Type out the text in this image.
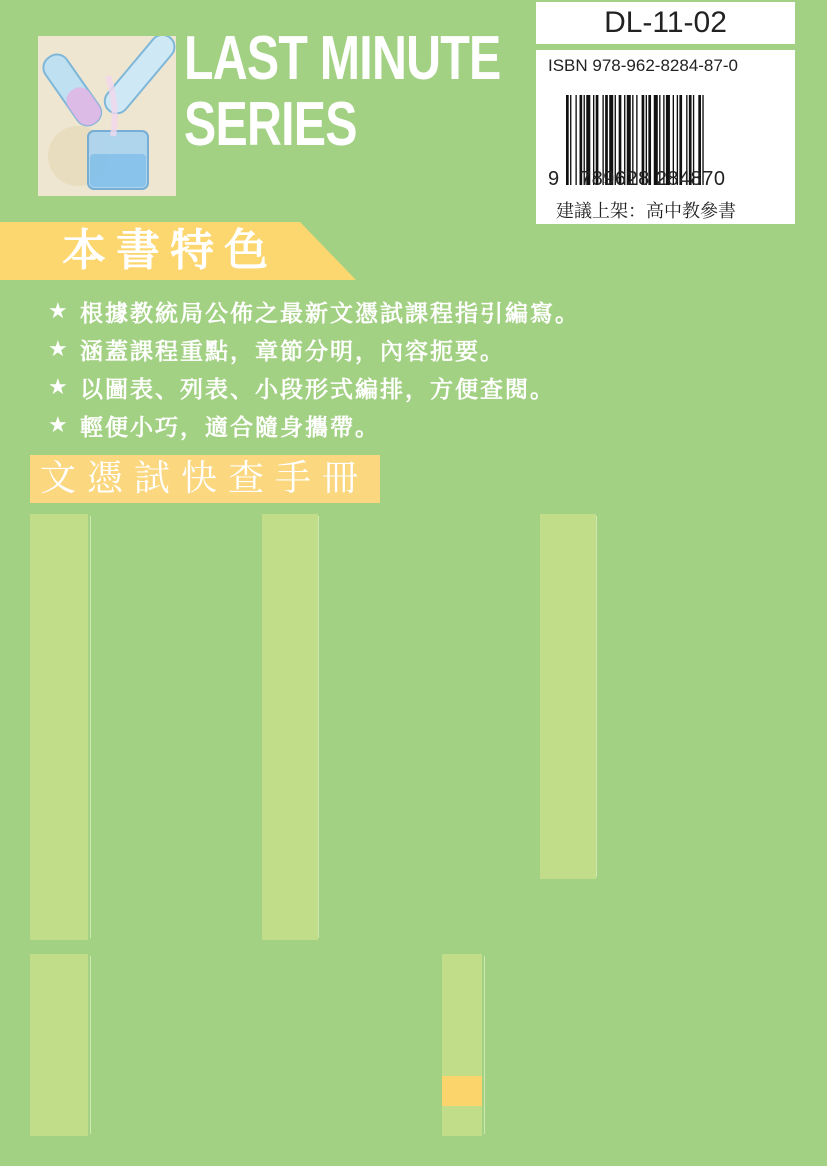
LAST MINUTE
SERIES
DL-11-02
ISBN 978-962-8284-87-0
9 789628 284870
建議上架：高中教參書
本書特色
★ 根據教統局公佈之最新文憑試課程指引編寫。
★ 涵蓋課程重點，章節分明，內容扼要。
★ 以圖表、列表、小段形式編排，方便查閱。
★ 輕便小巧，適合隨身攜帶。
文憑試快查手冊
